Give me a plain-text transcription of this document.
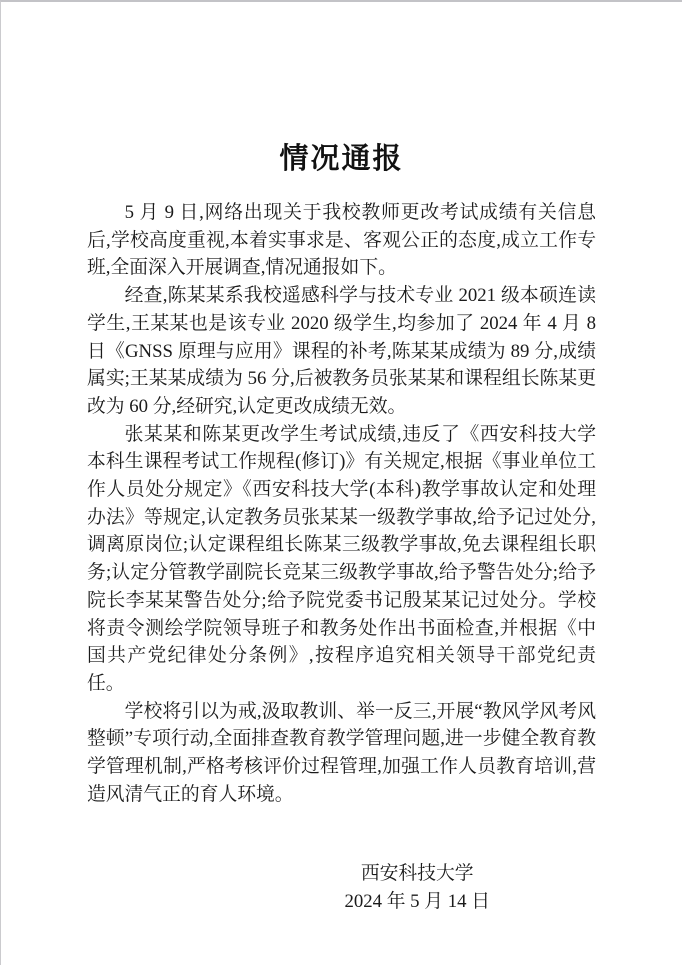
情况通报

5 月 9 日,网络出现关于我校教师更改考试成绩有关信息后,学校高度重视,本着实事求是、客观公正的态度,成立工作专班,全面深入开展调查,情况通报如下。

经查,陈某某系我校遥感科学与技术专业 2021 级本硕连读学生,王某某也是该专业 2020 级学生,均参加了 2024 年 4 月 8 日《GNSS 原理与应用》课程的补考,陈某某成绩为 89 分,成绩属实;王某某成绩为 56 分,后被教务员张某某和课程组长陈某更改为 60 分,经研究,认定更改成绩无效。

张某某和陈某更改学生考试成绩,违反了《西安科技大学本科生课程考试工作规程(修订)》有关规定,根据《事业单位工作人员处分规定》《西安科技大学(本科)教学事故认定和处理办法》等规定,认定教务员张某某一级教学事故,给予记过处分,调离原岗位;认定课程组长陈某三级教学事故,免去课程组长职务;认定分管教学副院长竞某三级教学事故,给予警告处分;给予院长李某某警告处分;给予院党委书记殷某某记过处分。学校将责令测绘学院领导班子和教务处作出书面检查,并根据《中国共产党纪律处分条例》,按程序追究相关领导干部党纪责任。

学校将引以为戒,汲取教训、举一反三,开展“教风学风考风整顿”专项行动,全面排查教育教学管理问题,进一步健全教育教学管理机制,严格考核评价过程管理,加强工作人员教育培训,营造风清气正的育人环境。

西安科技大学
2024 年 5 月 14 日
